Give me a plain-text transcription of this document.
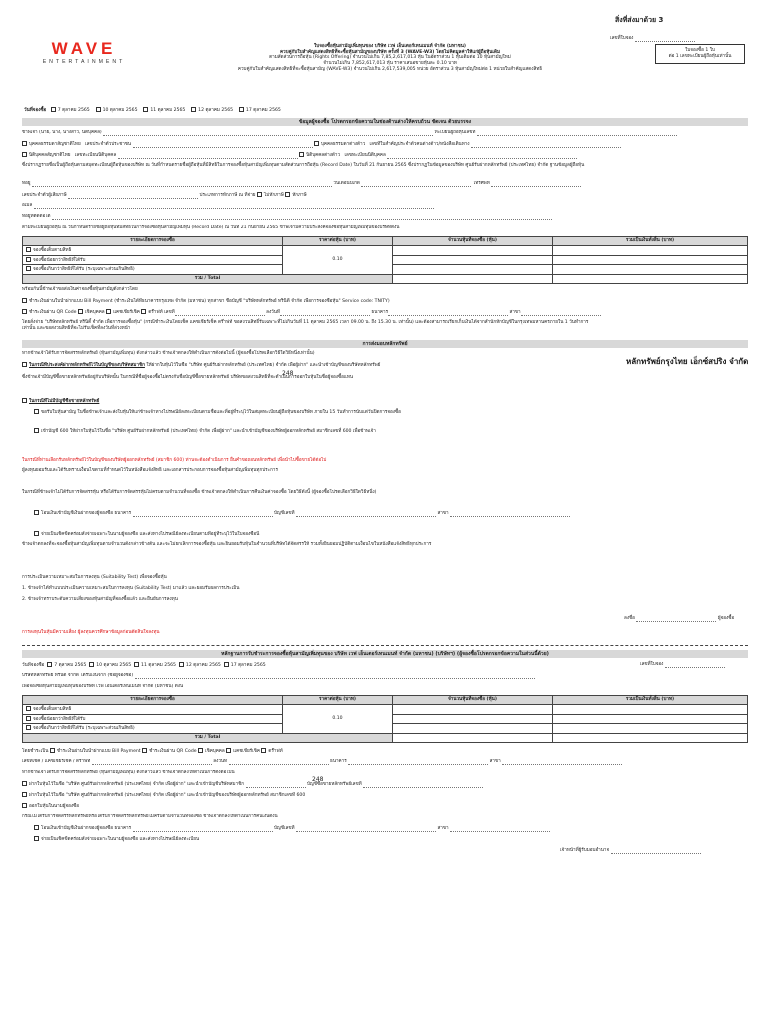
สิ่งที่ส่งมาด้วย 3
เลขที่ใบจอง
ใบจองซื้อ 1 ใบ
ต่อ 1 เลขทะเบียนผู้ถือหุ้นเท่านั้น
WAVE
ENTERTAINMENT
ใบจองซื้อหุ้นสามัญเพิ่มทุนของ บริษัท เวฟ เอ็นเตอร์เทนเมนท์ จำกัด (มหาชน)
ควบคู่กับใบสำคัญแสดงสิทธิที่จะซื้อหุ้นสามัญของบริษัท ครั้งที่ 3 (WAVE-W3) โดยไม่คิดมูลค่าให้แก่ผู้ถือหุ้นเดิม
ตามสัดส่วนการถือหุ้น (Rights Offering) จำนวนไม่เกิน 7,85,2,617,013 หุ้น ในอัตราส่วน 1 หุ้นเดิมต่อ 10 หุ้นสามัญใหม่
จำนวนไม่เกิน 7,852,617,013 หุ้น ราคาเสนอขายหุ้นละ 0.10 บาท
ควบคู่กับใบสำคัญแสดงสิทธิที่จะซื้อหุ้นสามัญ (WAVE-W3) จำนวนไม่เกิน 2,617,539,005 หน่วย อัตราส่วน 3 หุ้นสามัญใหม่ต่อ 1 หน่วยใบสำคัญแสดงสิทธิ
วันที่จองซื้อ 7 ตุลาคม 2565	10 ตุลาคม 2565	11 ตุลาคม 2565	12 ตุลาคม 2565	17 ตุลาคม 2565
ข้อมูลผู้จองซื้อ โปรดกรอกข้อความในช่องด้านล่างให้ครบถ้วน ชัดเจน ด้วยบรรจง
ข้าพเจ้า (นาย, นาง, นางสาว, นิติบุคคล)	ทะเบียนผู้ถือหุ้นเลขที่
บุคคลธรรมดาสัญชาติไทย เลขประจำตัวประชาชน	บุคคลธรรมดาต่างด้าว เลขที่ใบสำคัญประจำตัวคนต่างด้าว/หนังสือเดินทาง
นิติบุคคลสัญชาติไทย เลขทะเบียนนิติบุคคล	นิติบุคคลต่างด้าว เลขทะเบียนนิติบุคคล
ซึ่งปรากฏรายชื่อเป็นผู้ถือหุ้นตามสมุดทะเบียนผู้ถือหุ้นของบริษัท ณ วันที่กำหนดรายชื่อผู้ถือหุ้นที่มีสิทธิในการจองซื้อหุ้นสามัญเพิ่มทุนตามสัดส่วนการถือหุ้น (Record Date) ในวันที่ 21 กันยายน 2565 ซึ่งปรากฏในข้อมูลของบริษัท ศูนย์รับฝากหลักทรัพย์ (ประเทศไทย) จำกัด ฐานข้อมูลผู้ถือหุ้น
ที่อยู่	วันเดือนปีเกิด	โทรศัพท์
เลขประจำตัวผู้เสียภาษี	ประเภทการหักภาษี ณ ที่จ่าย ไม่หักภาษี หักภาษี
อีเมล์
ที่อยู่ที่ติดต่อได้
ตามทะเบียนผู้ถือหุ้น ณ วันกำหนดรายชื่อผู้ถือหุ้นที่มีสิทธิในการจองซื้อหุ้นสามัญเพิ่มทุน (Record Date) ณ วันที่ 21 กันยายน 2565 ข้าพเจ้ามีความประสงค์จองซื้อหุ้นสามัญเพิ่มทุนของบริษัทดังนี้
รายละเอียดการจองซื้อ	ราคาต่อหุ้น (บาท)	จำนวนหุ้นที่จองซื้อ (หุ้น)	รวมเป็นเงินทั้งสิ้น (บาท)
จองซื้อเต็มตามสิทธิ	0.10		
จองซื้อน้อยกว่าสิทธิที่ได้รับ			
จองซื้อเกินกว่าสิทธิที่ได้รับ (ระบุเฉพาะส่วนเกินสิทธิ)			
รวม / Total			
พร้อมกันนี้ข้าพเจ้าขอส่งเงินค่าจองซื้อหุ้นสามัญดังกล่าวโดย
ชำระเงินผ่านใบนำฝากแบบ Bill Payment (ชำระเงินได้ที่ธนาคารกรุงเทพ จำกัด (มหาชน) ทุกสาขา ชื่อบัญชี "บริษัทหลักทรัพย์ ทรินิตี้ จำกัด เพื่อการจองซื้อหุ้น" Service code: TNITY)
ชำระเงินผ่าน QR Code เช็คบุคคล แคชเชียร์เช็ค ดร๊าฟท์ เลขที่	ลงวันที่	ธนาคาร	สาขา
โดยสั่งจ่าย "บริษัทหลักทรัพย์ ทรินิตี้ จำกัด เพื่อการจองซื้อหุ้น" (กรณีชำระเงินโดยเช็ค แคชเชียร์เช็ค ดร๊าฟท์ ขอสงวนสิทธิ์รับเฉพาะที่ไม่เกินวันที่ 11 ตุลาคม 2565 เวลา 09.00 น. ถึง 15.30 น. เท่านั้น) และต้องสามารถเรียกเก็บเงินได้จากสำนักหักบัญชีในกรุงเทพมหานครภายใน 1 วันทำการ
เท่านั้น และขอสงวนสิทธิที่จะไม่รับเช็คที่ลงวันที่ล่วงหน้า
การส่งมอบหลักทรัพย์
หากข้าพเจ้าได้รับการจัดสรรหลักทรัพย์ (หุ้นสามัญเพิ่มทุน) ดังกล่าวแล้ว ข้าพเจ้าตกลงให้ดำเนินการดังต่อไปนี้ (ผู้จองซื้อโปรดเลือกวิธีใดวิธีหนึ่งเท่านั้น)
ในกรณีที่ประสงค์ฝากหลักทรัพย์ไว้ในบัญชีของบริษัทสมาชิก ให้ฝากใบหุ้นไว้ในชื่อ "บริษัท ศูนย์รับฝากหลักทรัพย์ (ประเทศไทย) จำกัด เพื่อผู้ฝาก" และนำเข้าบัญชีของบริษัทหลักทรัพย์	หลักทรัพย์กรุงไทย เอ็กซ์สปริง จำกัด
248
ซึ่งข้าพเจ้ามีบัญชีซื้อขายหลักทรัพย์อยู่กับบริษัทนั้น ในกรณีที่ชื่อผู้จองซื้อไม่ตรงกับชื่อบัญชีซื้อขายหลักทรัพย์ บริษัทขอสงวนสิทธิที่จะดำเนินการออกใบหุ้นในชื่อผู้จองซื้อแทน
ในกรณีที่ไม่มีบัญชีซื้อขายหลักทรัพย์
ขอรับใบหุ้นสามัญ ในชื่อข้าพเจ้าและส่งใบหุ้นให้แก่ข้าพเจ้าทางไปรษณีย์ลงทะเบียนตามชื่อและที่อยู่ที่ระบุไว้ในสมุดทะเบียนผู้ถือหุ้นของบริษัท ภายใน 15 วันทำการนับแต่วันปิดการจองซื้อ
เข้าบัญชี 600 ให้ฝากใบหุ้นไว้ในชื่อ "บริษัท ศูนย์รับฝากหลักทรัพย์ (ประเทศไทย) จำกัด เพื่อผู้ฝาก" และนำเข้าบัญชีของบริษัทผู้ออกหลักทรัพย์ สมาชิกเลขที่ 600 เพื่อข้าพเจ้า
ในกรณีที่ท่านเลือกรับหลักทรัพย์ไว้ในบัญชีของบริษัทผู้ออกหลักทรัพย์ (สมาชิก 600) ท่านจะต้องดำเนินการ ยื่นคำขอถอนหลักทรัพย์ เพื่อนำไปซื้อขายได้ต่อไป
ผู้ลงทุนยอมรับและได้รับทราบเงื่อนไขตามที่กำหนดไว้ในหนังสือแจ้งสิทธิ และเอกสารประกอบการจองซื้อหุ้นสามัญเพิ่มทุนทุกประการ
ในกรณีที่ข้าพเจ้าไม่ได้รับการจัดสรรหุ้น หรือได้รับการจัดสรรหุ้นไม่ครบตามจำนวนที่จองซื้อ ข้าพเจ้าตกลงให้ดำเนินการคืนเงินค่าจองซื้อ โดยวิธีดังนี้ (ผู้จองซื้อโปรดเลือกวิธีใดวิธีหนึ่ง)
โอนเงินเข้าบัญชีเงินฝากของผู้จองซื้อ ธนาคาร	บัญชีเลขที่	สาขา
จ่ายเป็นเช็คขีดคร่อมสั่งจ่ายเฉพาะในนามผู้จองซื้อ และส่งทางไปรษณีย์ลงทะเบียนตามที่อยู่ที่ระบุไว้ในใบจองซื้อนี้
ข้าพเจ้าตกลงที่จะจองซื้อหุ้นสามัญเพิ่มทุนตามจำนวนดังกล่าวข้างต้น และจะไม่ยกเลิกการจองซื้อหุ้น และยินยอมรับหุ้นในจำนวนที่บริษัทได้จัดสรรให้ รวมทั้งยินยอมปฏิบัติตามเงื่อนไขในหนังสือแจ้งสิทธิทุกประการ
การประเมินความเหมาะสมในการลงทุน (Suitability Test) เพื่อจองซื้อหุ้น
1. ข้าพเจ้าได้ทำแบบประเมินความเหมาะสมในการลงทุน (Suitability Test) มาแล้ว และยอมรับผลการประเมิน
2. ข้าพเจ้าทราบระดับความเสี่ยงของหุ้นสามัญที่จองซื้อแล้ว และยืนยันการลงทุน
ลงชื่อ	ผู้จองซื้อ
การลงทุนในหุ้นมีความเสี่ยง ผู้ลงทุนควรศึกษาข้อมูลก่อนตัดสินใจลงทุน
หลักฐานการรับชำระการจองซื้อหุ้นสามัญเพิ่มทุนของ บริษัท เวฟ เอ็นเตอร์เทนเมนท์ จำกัด (มหาชน) (บริษัทฯ) (ผู้จองซื้อโปรดกรอกข้อความในส่วนนี้ด้วย)
วันที่จองซื้อ 7 ตุลาคม 2565 10 ตุลาคม 2565 11 ตุลาคม 2565 12 ตุลาคม 2565 17 ตุลาคม 2565	เลขที่ใบจอง
บริษัทหลักทรัพย์ ทรินิตี้ จำกัด ได้รับเงินจาก (ชื่อผู้จองซื้อ)
เพื่อจองซื้อหุ้นสามัญเพิ่มทุนของบริษัท เวฟ เอ็นเตอร์เทนเมนท์ จำกัด (มหาชน) ดังนี้
รายละเอียดการจองซื้อ	ราคาต่อหุ้น (บาท)	จำนวนหุ้นที่จองซื้อ (หุ้น)	รวมเป็นเงินทั้งสิ้น (บาท)
จองซื้อเต็มตามสิทธิ	0.10		
จองซื้อน้อยกว่าสิทธิที่ได้รับ			
จองซื้อเกินกว่าสิทธิที่ได้รับ (ระบุเฉพาะส่วนเกินสิทธิ)			
รวม / Total			
โดยชำระเป็น ชำระเงินผ่านใบนำฝากแบบ Bill Payment ชำระเงินผ่าน QR Code เช็คบุคคล แคชเชียร์เช็ค ดร๊าฟท์
เลขที่เช็ค / แคชเชียร์เช็ค / ดร๊าฟท์	ลงวันที่	ธนาคาร	สาขา
หากข้าพเจ้าได้รับการจัดสรรหลักทรัพย์ (หุ้นสามัญเพิ่มทุน) ดังกล่าวแล้ว ข้าพเจ้าตกลงให้ดำเนินการดังต่อไปนี้
ฝากใบหุ้นไว้ในชื่อ "บริษัท ศูนย์รับฝากหลักทรัพย์ (ประเทศไทย) จำกัด เพื่อผู้ฝาก" และนำเข้าบัญชีบริษัทสมาชิก	บัญชีซื้อขายหลักทรัพย์เลขที่
248
ฝากใบหุ้นไว้ในชื่อ "บริษัท ศูนย์รับฝากหลักทรัพย์ (ประเทศไทย) จำกัด เพื่อผู้ฝาก" และนำเข้าบัญชีของบริษัทผู้ออกหลักทรัพย์ สมาชิกเลขที่ 600
ออกใบหุ้นในนามผู้จองซื้อ
กรณีไม่ได้รับการจัดสรรหลักทรัพย์หรือได้รับการจัดสรรหลักทรัพย์ไม่ครบตามจำนวนที่จองซื้อ ข้าพเจ้าตกลงให้ดำเนินการคืนเงินดังนี้
โอนเงินเข้าบัญชีเงินฝากของผู้จองซื้อ ธนาคาร	บัญชีเลขที่	สาขา
จ่ายเป็นเช็คขีดคร่อมสั่งจ่ายเฉพาะในนามผู้จองซื้อ และส่งทางไปรษณีย์ลงทะเบียน
เจ้าหน้าที่ผู้รับมอบอำนาจ
